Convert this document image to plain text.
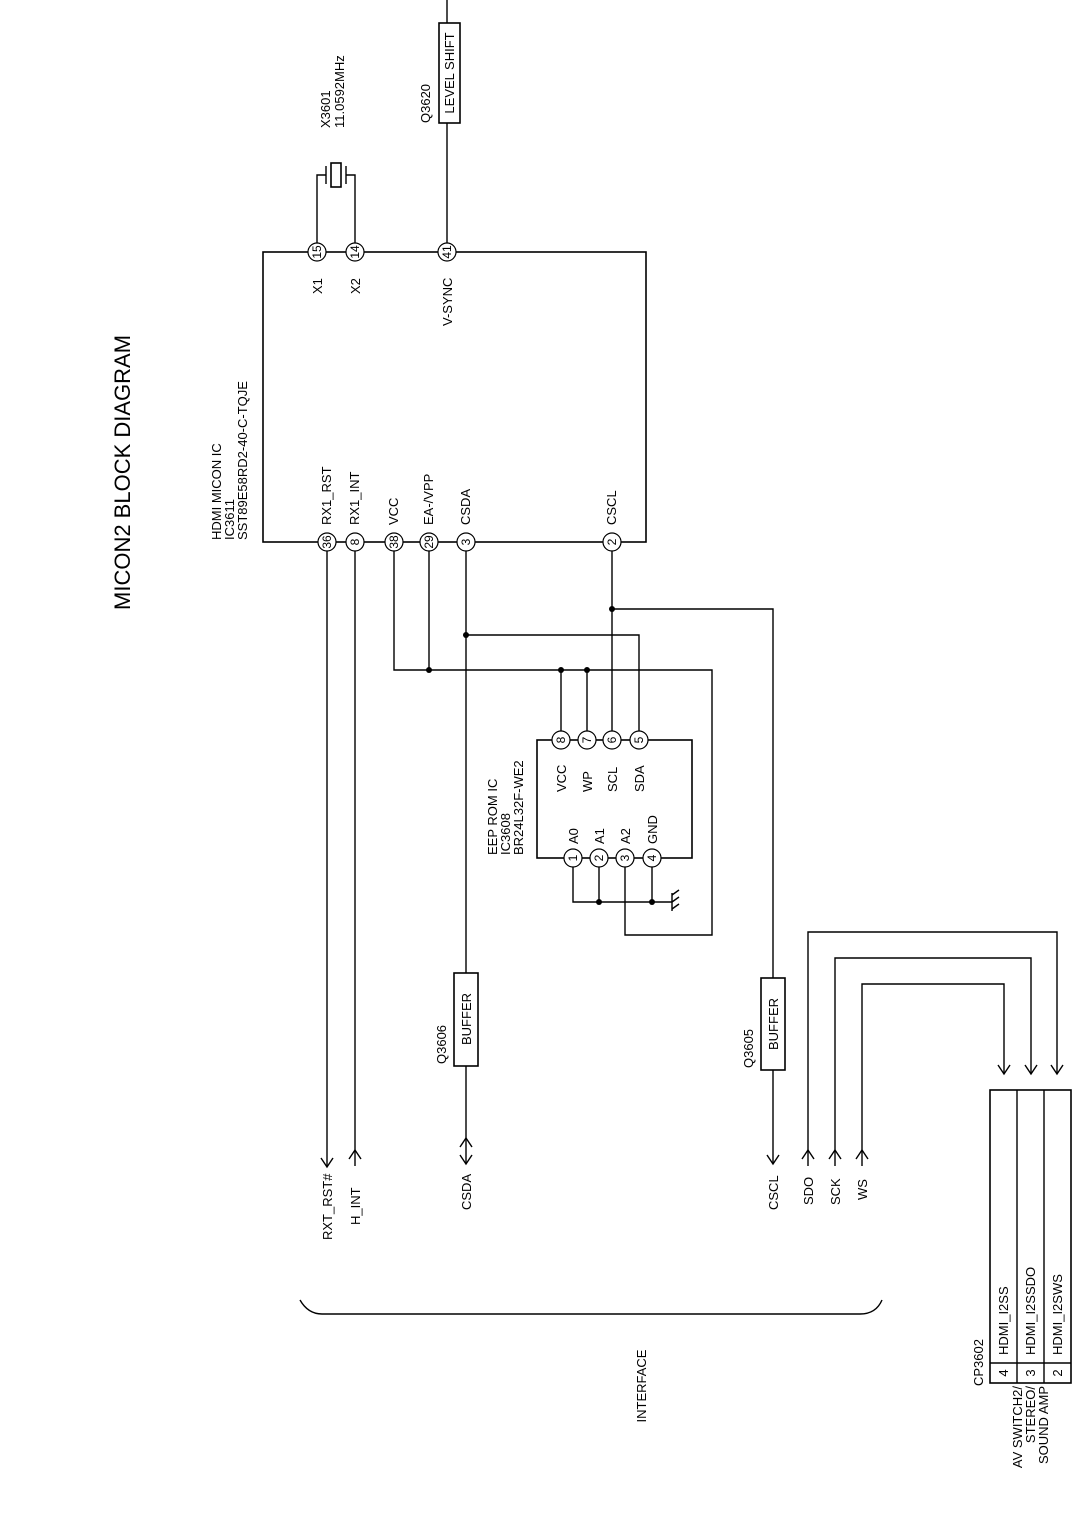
MICON2 BLOCK DIAGRAM	HDMI MICON IC
IC3611
SST89E58RD2-40-C-TQJE
36
RX1_RST
8
RX1_INT
38
VCC
29
EA-/VPP
3
CSDA
2
CSCL
15
X1
14
X2
41
V-SYNC
X3601 11.0592MHz	LEVEL SHIFT
Q3620
EEP ROM IC
IC3608
BR24L32F-WE2
8
VCC
7
WP
6
SCL
5
SDA
1
A0
2
A1
3
A2
4
GND
BUFFER
Q3606	BUFFER
Q3605
RXT_RST# H_INT	CSDA	CSCL SDO SCK WS
CP3602 4
HDMI_I2SS
3
HDMI_I2SSDO
2
HDMI_I2SWS
AV SWITCH2/
STEREO/
SOUND AMP
INTERFACE
